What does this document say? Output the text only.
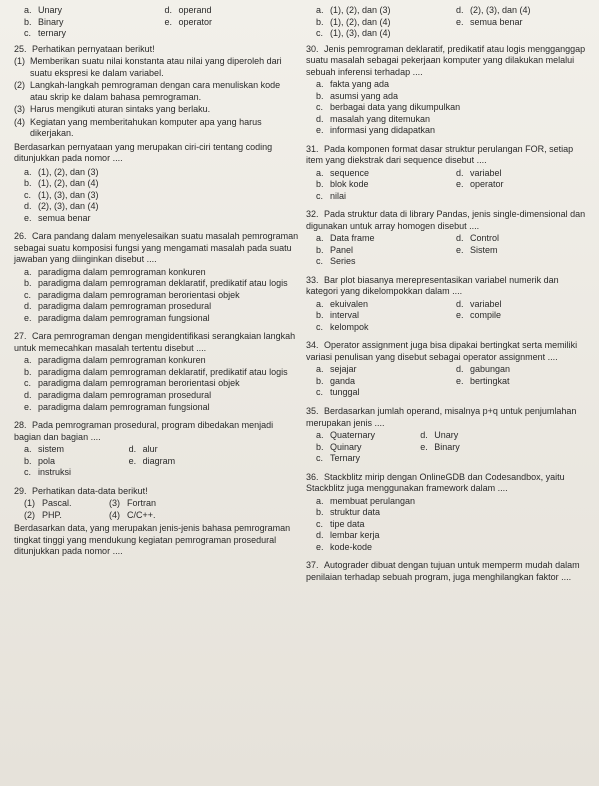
a. Unary	d. operand
b. Binary	e. operator
c. ternary

25. Perhatikan pernyataan berikut!

(1) Memberikan suatu nilai konstanta atau nilai yang diperoleh dari suatu ekspresi ke dalam variabel.
(2) Langkah-langkah pemrograman dengan cara menuliskan kode atau skrip ke dalam bahasa pemrograman.
(3) Harus mengikuti aturan sintaks yang berlaku.
(4) Kegiatan yang memberitahukan komputer apa yang harus dikerjakan.

Berdasarkan pernyataan yang merupakan ciri-ciri tentang coding ditunjukkan pada nomor ....

a. (1), (2), dan (3)
b. (1), (2), dan (4)
c. (1), (3), dan (3)
d. (2), (3), dan (4)
e. semua benar

26. Cara pandang dalam menyelesaikan suatu masalah pemrograman sebagai suatu komposisi fungsi yang mengamati masalah pada suatu jawaban yang diinginkan disebut ....

a. paradigma dalam pemrograman konkuren
b. paradigma dalam pemrograman deklaratif, predikatif atau logis
c. paradigma dalam pemrograman berorientasi objek
d. paradigma dalam pemrograman prosedural
e. paradigma dalam pemrograman fungsional

27. Cara pemrograman dengan mengidentifikasi serangkaian langkah untuk memecahkan masalah tertentu disebut ....

a. paradigma dalam pemrograman konkuren
b. paradigma dalam pemrograman deklaratif, predikatif atau logis
c. paradigma dalam pemrograman berorientasi objek
d. paradigma dalam pemrograman prosedural
e. paradigma dalam pemrograman fungsional

28. Pada pemrograman prosedural, program dibedakan menjadi bagian dan bagian ....

a. sistem	d. alur
b. pola	e. diagram
c. instruksi

29. Perhatikan data-data berikut!

(1) Pascal.	(3) Fortran
(2) PHP.	(4) C/C++.

Berdasarkan data, yang merupakan jenis-jenis bahasa pemrograman tingkat tinggi yang mendukung kegiatan pemrograman prosedural ditunjukkan pada nomor ....

a. (1), (2), dan (3)	d. (2), (3), dan (4)
b. (1), (2), dan (4)	e. semua benar
c. (1), (3), dan (4)

30. Jenis pemrograman deklaratif, predikatif atau logis mengganggap suatu masalah sebagai pekerjaan komputer yang dilakukan melalui sebuah inferensi terhadap ....

a. fakta yang ada
b. asumsi yang ada
c. berbagai data yang dikumpulkan
d. masalah yang ditemukan
e. informasi yang didapatkan

31. Pada komponen format dasar struktur perulangan FOR, setiap item yang diekstrak dari sequence disebut ....

a. sequence	d. variabel
b. blok kode	e. operator
c. nilai

32. Pada struktur data di library Pandas, jenis single-dimensional dan digunakan untuk array homogen disebut ....

a. Data frame	d. Control
b. Panel	e. Sistem
c. Series

33. Bar plot biasanya merepresentasikan variabel numerik dan kategori yang dikelompokkan dalam ....

a. ekuivalen	d. variabel
b. interval	e. compile
c. kelompok

34. Operator assignment juga bisa dipakai bertingkat serta memiliki variasi penulisan yang disebut sebagai operator assignment ....

a. sejajar	d. gabungan
b. ganda	e. bertingkat
c. tunggal

35. Berdasarkan jumlah operand, misalnya p+q untuk penjumlahan merupakan jenis ....

a. Quaternary	d. Unary
b. Quinary	e. Binary
c. Ternary

36. Stackblitz mirip dengan OnlineGDB dan Codesandbox, yaitu Stackblitz juga menggunakan framework dalam ....

a. membuat perulangan
b. struktur data
c. tipe data
d. lembar kerja
e. kode-kode

37. Autograder dibuat dengan tujuan untuk memperm mudah dalam penilaian terhadap sebuah program, juga menghilangkan faktor ....
